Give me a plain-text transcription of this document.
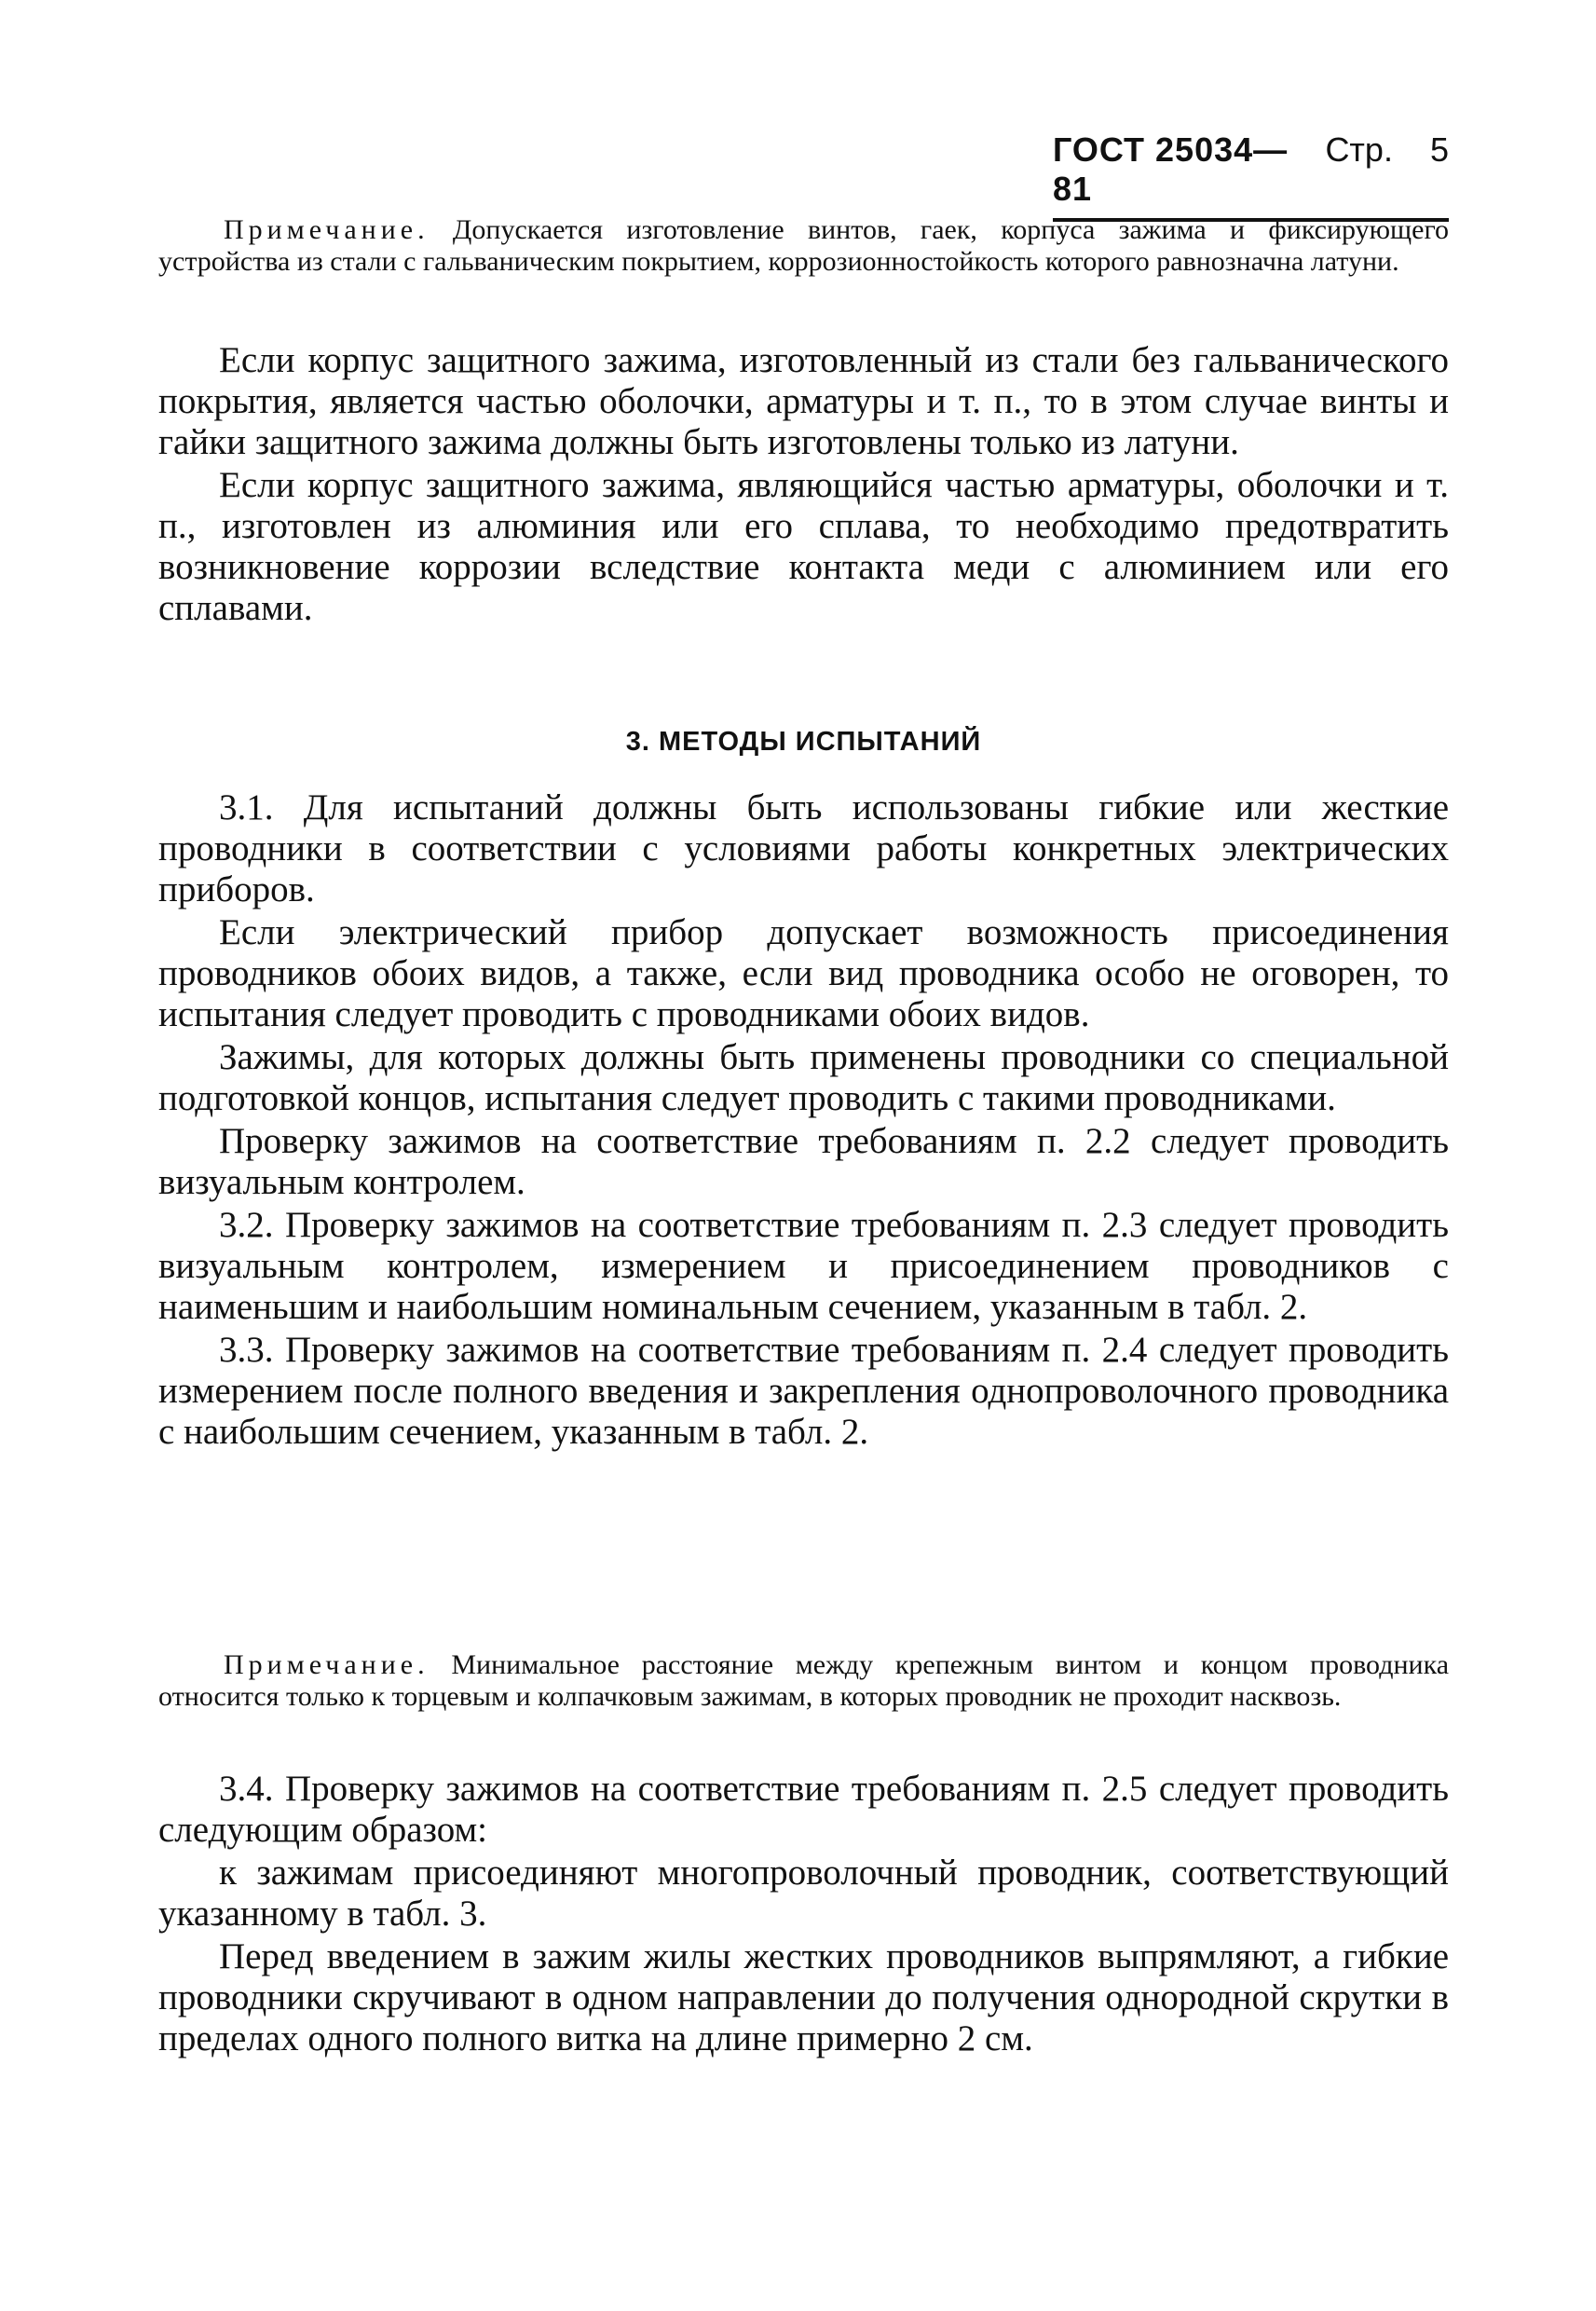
ГОСТ 25034—81
Стр. 5

Примечание. Допускается изготовление винтов, гаек, корпуса зажима и фиксирующего устройства из стали с гальваническим покрытием, коррозионностойкость которого равнозначна латуни.

Если корпус защитного зажима, изготовленный из стали без гальванического покрытия, является частью оболочки, арматуры и т. п., то в этом случае винты и гайки защитного зажима должны быть изготовлены только из латуни.

Если корпус защитного зажима, являющийся частью арматуры, оболочки и т. п., изготовлен из алюминия или его сплава, то необходимо предотвратить возникновение коррозии вследствие контакта меди с алюминием или его сплавами.

3. МЕТОДЫ ИСПЫТАНИЙ

3.1. Для испытаний должны быть использованы гибкие или жесткие проводники в соответствии с условиями работы конкретных электрических приборов.

Если электрический прибор допускает возможность присоединения проводников обоих видов, а также, если вид проводника особо не оговорен, то испытания следует проводить с проводниками обоих видов.

Зажимы, для которых должны быть применены проводники со специальной подготовкой концов, испытания следует проводить с такими проводниками.

Проверку зажимов на соответствие требованиям п. 2.2 следует проводить визуальным контролем.

3.2. Проверку зажимов на соответствие требованиям п. 2.3 следует проводить визуальным контролем, измерением и присоединением проводников с наименьшим и наибольшим номинальным сечением, указанным в табл. 2.

3.3. Проверку зажимов на соответствие требованиям п. 2.4 следует проводить измерением после полного введения и закрепления однопроволочного проводника с наибольшим сечением, указанным в табл. 2.

Примечание. Минимальное расстояние между крепежным винтом и концом проводника относится только к торцевым и колпачковым зажимам, в которых проводник не проходит насквозь.

3.4. Проверку зажимов на соответствие требованиям п. 2.5 следует проводить следующим образом:

к зажимам присоединяют многопроволочный проводник, соответствующий указанному в табл. 3.

Перед введением в зажим жилы жестких проводников выпрямляют, а гибкие проводники скручивают в одном направлении до получения однородной скрутки в пределах одного полного витка на длине примерно 2 см.
